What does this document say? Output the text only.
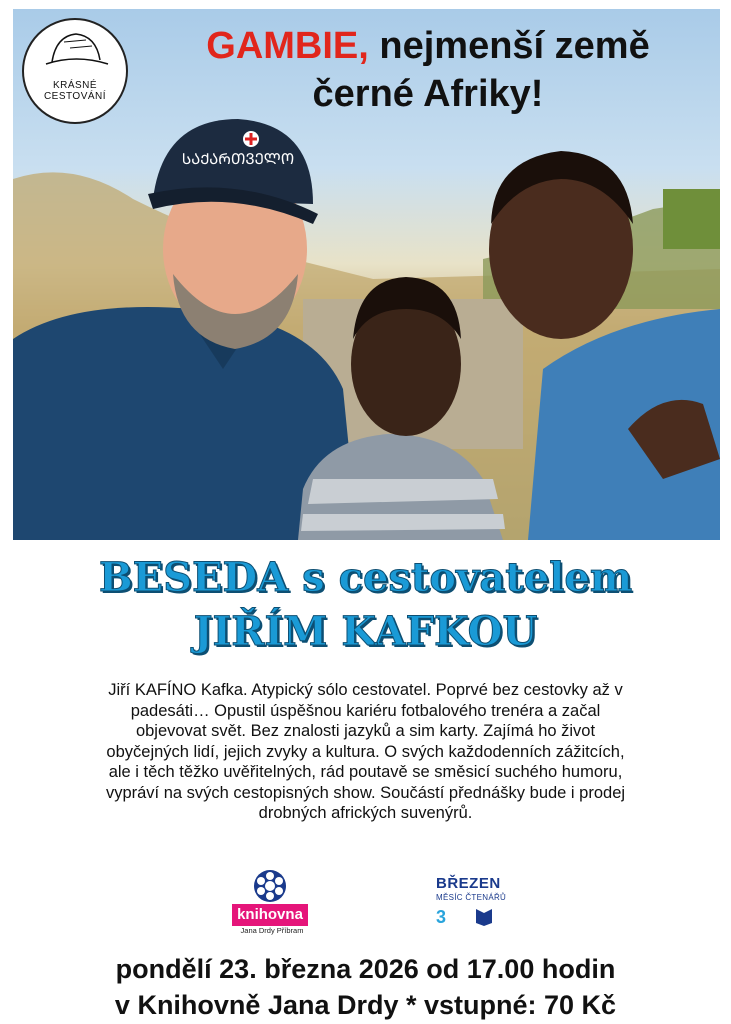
ᲡᲐᲥᲐᲠᲗᲕᲔᲚᲝ
KRÁSNÉ CESTOVÁNÍ
GAMBIE, nejmenší země
černé Afriky!
BESEDA s cestovatelem
JIŘÍM KAFKOU
Jiří KAFÍNO Kafka. Atypický sólo cestovatel. Poprvé bez cestovky až v padesáti… Opustil úspěšnou kariéru fotbalového trenéra a začal objevovat svět. Bez znalosti jazyků a sim karty. Zajímá ho život obyčejných lidí, jejich zvyky a kultura. O svých každodenních zážitcích, ale i těch těžko uvěřitelných, rád poutavě se směsicí suchého humoru, vypráví na svých cestopisných show. Součástí přednášky bude i prodej drobných afrických suvenýrů.
knihovna
Jana Drdy Příbram
BŘEZEN
MĚSÍC ČTENÁŘŮ
3
pondělí 23. března 2026 od 17.00 hodin
v Knihovně Jana Drdy * vstupné: 70 Kč
